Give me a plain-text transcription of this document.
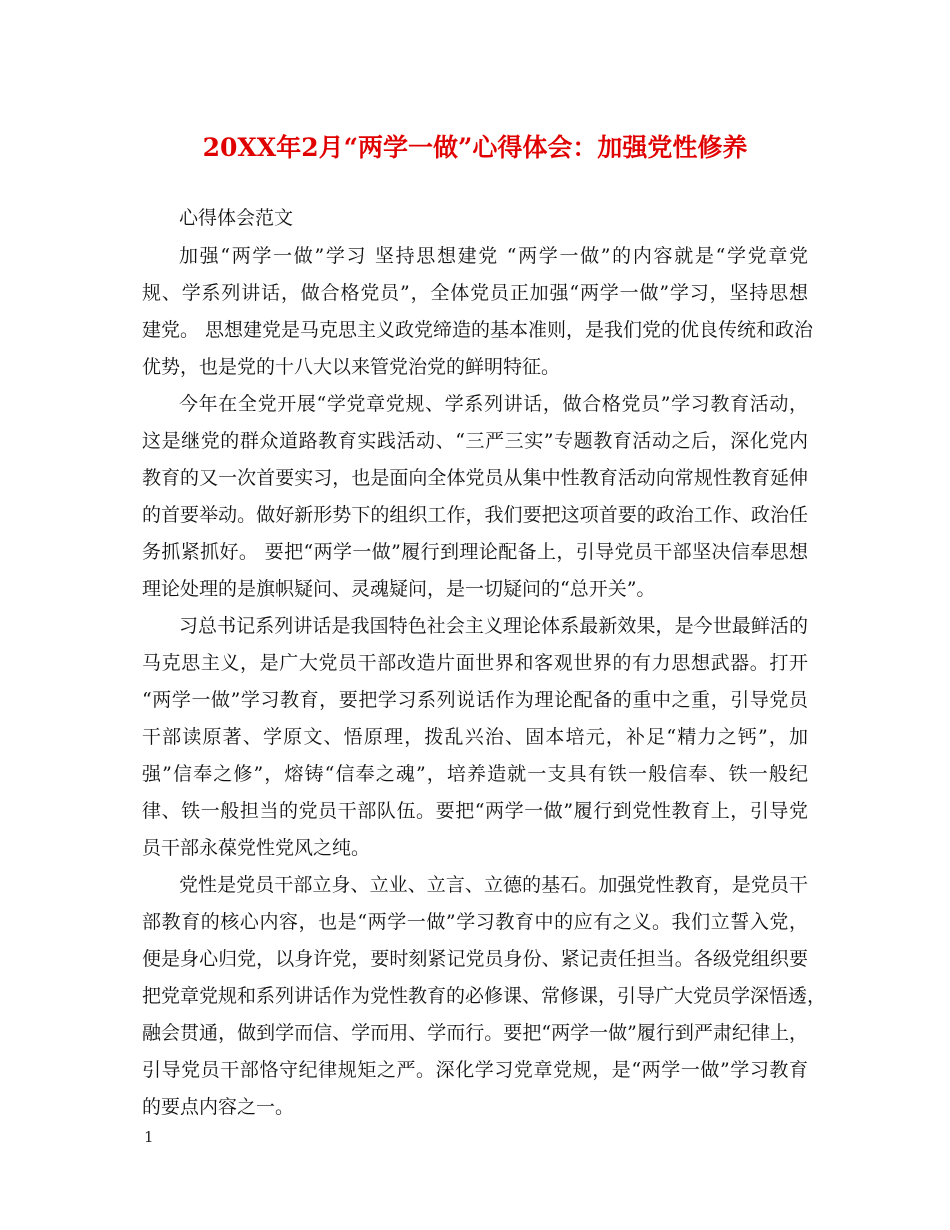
20XX年2月“两学一做”心得体会：加强党性修养
心得体会范文
加强“两学一做”学习 坚持思想建党 “两学一做”的内容就是“学党章党
规、学系列讲话，做合格党员”，全体党员正加强“两学一做”学习，坚持思想
建党。 思想建党是马克思主义政党缔造的基本准则，是我们党的优良传统和政治
优势，也是党的十八大以来管党治党的鲜明特征。
今年在全党开展“学党章党规、学系列讲话，做合格党员”学习教育活动，
这是继党的群众道路教育实践活动、“三严三实”专题教育活动之后，深化党内
教育的又一次首要实习，也是面向全体党员从集中性教育活动向常规性教育延伸
的首要举动。做好新形势下的组织工作，我们要把这项首要的政治工作、政治任
务抓紧抓好。 要把“两学一做”履行到理论配备上，引导党员干部坚决信奉思想
理论处理的是旗帜疑问、灵魂疑问，是一切疑问的“总开关”。
习总书记系列讲话是我国特色社会主义理论体系最新效果，是今世最鲜活的
马克思主义，是广大党员干部改造片面世界和客观世界的有力思想武器。打开
“两学一做”学习教育，要把学习系列说话作为理论配备的重中之重，引导党员
干部读原著、学原文、悟原理，拨乱兴治、固本培元，补足“精力之钙”，加
强”信奉之修”，熔铸“信奉之魂”，培养造就一支具有铁一般信奉、铁一般纪
律、铁一般担当的党员干部队伍。要把“两学一做”履行到党性教育上，引导党
员干部永葆党性党风之纯。
党性是党员干部立身、立业、立言、立德的基石。加强党性教育，是党员干
部教育的核心内容，也是“两学一做”学习教育中的应有之义。我们立誓入党，
便是身心归党，以身许党，要时刻紧记党员身份、紧记责任担当。各级党组织要
把党章党规和系列讲话作为党性教育的必修课、常修课，引导广大党员学深悟透，
融会贯通，做到学而信、学而用、学而行。要把“两学一做”履行到严肃纪律上，
引导党员干部恪守纪律规矩之严。深化学习党章党规，是“两学一做”学习教育
的要点内容之一。
1
